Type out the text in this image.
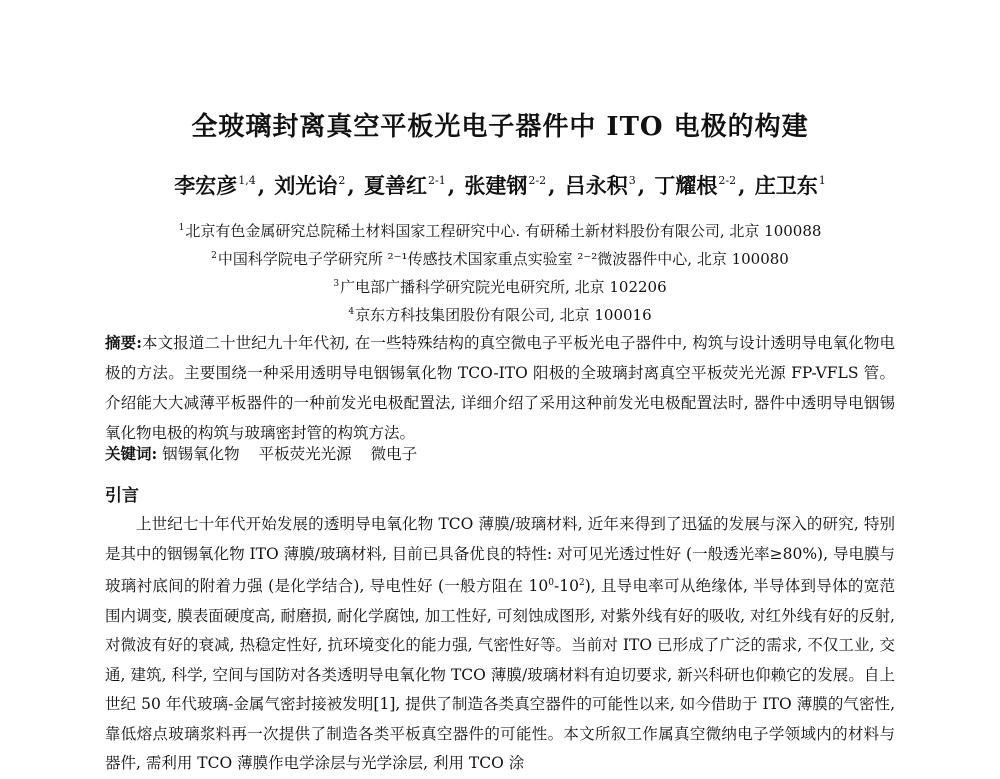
全玻璃封离真空平板光电子器件中 ITO 电极的构建
李宏彦$^{1,4}$, 刘光诒$^2$, 夏善红$^{2-1}$, 张建钢$^{2-2}$, 吕永积$^3$, 丁耀根$^{2-2}$, 庄卫东$^1$
$^1$北京有色金属研究总院稀土材料国家工程研究中心. 有研稀土新材料股份有限公司, 北京 100088
$^2$中国科学院电子学研究所 ²⁻¹传感技术国家重点实验室 ²⁻²微波器件中心, 北京 100080
$^3$广电部广播科学研究院光电研究所, 北京 102206
$^4$京东方科技集团股份有限公司, 北京 100016
摘要:本文报道二十世纪九十年代初, 在一些特殊结构的真空微电子平板光电子器件中, 构筑与设计透明导电氧化物电极的方法。主要围绕一种采用透明导电铟锡氧化物 TCO-ITO 阳极的全玻璃封离真空平板荧光光源 FP-VFLS 管。介绍能大大减薄平板器件的一种前发光电极配置法, 详细介绍了采用这种前发光电极配置法时, 器件中透明导电铟锡氧化物电极的构筑与玻璃密封管的构筑方法。
关键词: 铟锡氧化物 平板荧光光源 微电子
引言
上世纪七十年代开始发展的透明导电氧化物 TCO 薄膜/玻璃材料, 近年来得到了迅猛的发展与深入的研究, 特别是其中的铟锡氧化物 ITO 薄膜/玻璃材料, 目前已具备优良的特性: 对可见光透过性好 (一般透光率≥80%), 导电膜与玻璃衬底间的附着力强 (是化学结合), 导电性好 (一般方阻在 $10^0-10^2$), 且导电率可从绝缘体, 半导体到导体的宽范围内调变, 膜表面硬度高, 耐磨损, 耐化学腐蚀, 加工性好, 可刻蚀成图形, 对紫外线有好的吸收, 对红外线有好的反射, 对微波有好的衰减, 热稳定性好, 抗环境变化的能力强, 气密性好等。当前对 ITO 已形成了广泛的需求, 不仅工业, 交通, 建筑, 科学, 空间与国防对各类透明导电氧化物 TCO 薄膜/玻璃材料有迫切要求, 新兴科研也仰赖它的发展。自上世纪 50 年代玻璃-金属气密封接被发明[1], 提供了制造各类真空器件的可能性以来, 如今借助于 ITO 薄膜的气密性, 靠低熔点玻璃浆料再一次提供了制造各类平板真空器件的可能性。本文所叙工作属真空微纳电子学领域内的材料与器件, 需利用 TCO 薄膜作电学涂层与光学涂层, 利用 TCO 涂
